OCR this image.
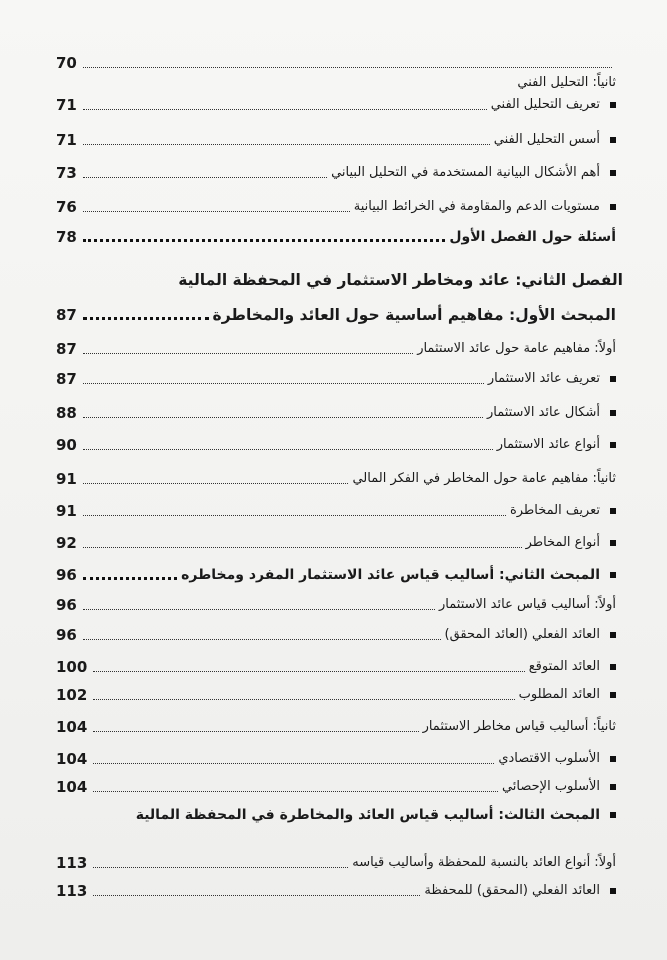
70
ثانياً: التحليل الفني
71	تعريف التحليل الفني
71	أسس التحليل الفني
73	أهم الأشكال البيانية المستخدمة في التحليل البياني
76	مستويات الدعم والمقاومة في الخرائط البيانية
78	أسئلة حول الفصل الأول
الفصل الثاني: عائد ومخاطر الاستثمار في المحفظة المالية
87	المبحث الأول: مفاهيم أساسية حول العائد والمخاطرة
87	أولاً: مفاهيم عامة حول عائد الاستثمار
87	تعريف عائد الاستثمار
88	أشكال عائد الاستثمار
90	أنواع عائد الاستثمار
91	ثانياً: مفاهيم عامة حول المخاطر في الفكر المالي
91	تعريف المخاطرة
92	أنواع المخاطر
96	المبحث الثاني: أساليب قياس عائد الاستثمار المفرد ومخاطره
96	أولاً: أساليب قياس عائد الاستثمار
96	العائد الفعلي (العائد المحقق)
100	العائد المتوقع
102	العائد المطلوب
104	ثانياً: أساليب قياس مخاطر الاستثمار
104	الأسلوب الاقتصادي
104	الأسلوب الإحصائي
المبحث الثالث: أساليب قياس العائد والمخاطرة في المحفظة المالية
113	أولاً: أنواع العائد بالنسبة للمحفظة وأساليب قياسه
113	العائد الفعلي (المحقق) للمحفظة
